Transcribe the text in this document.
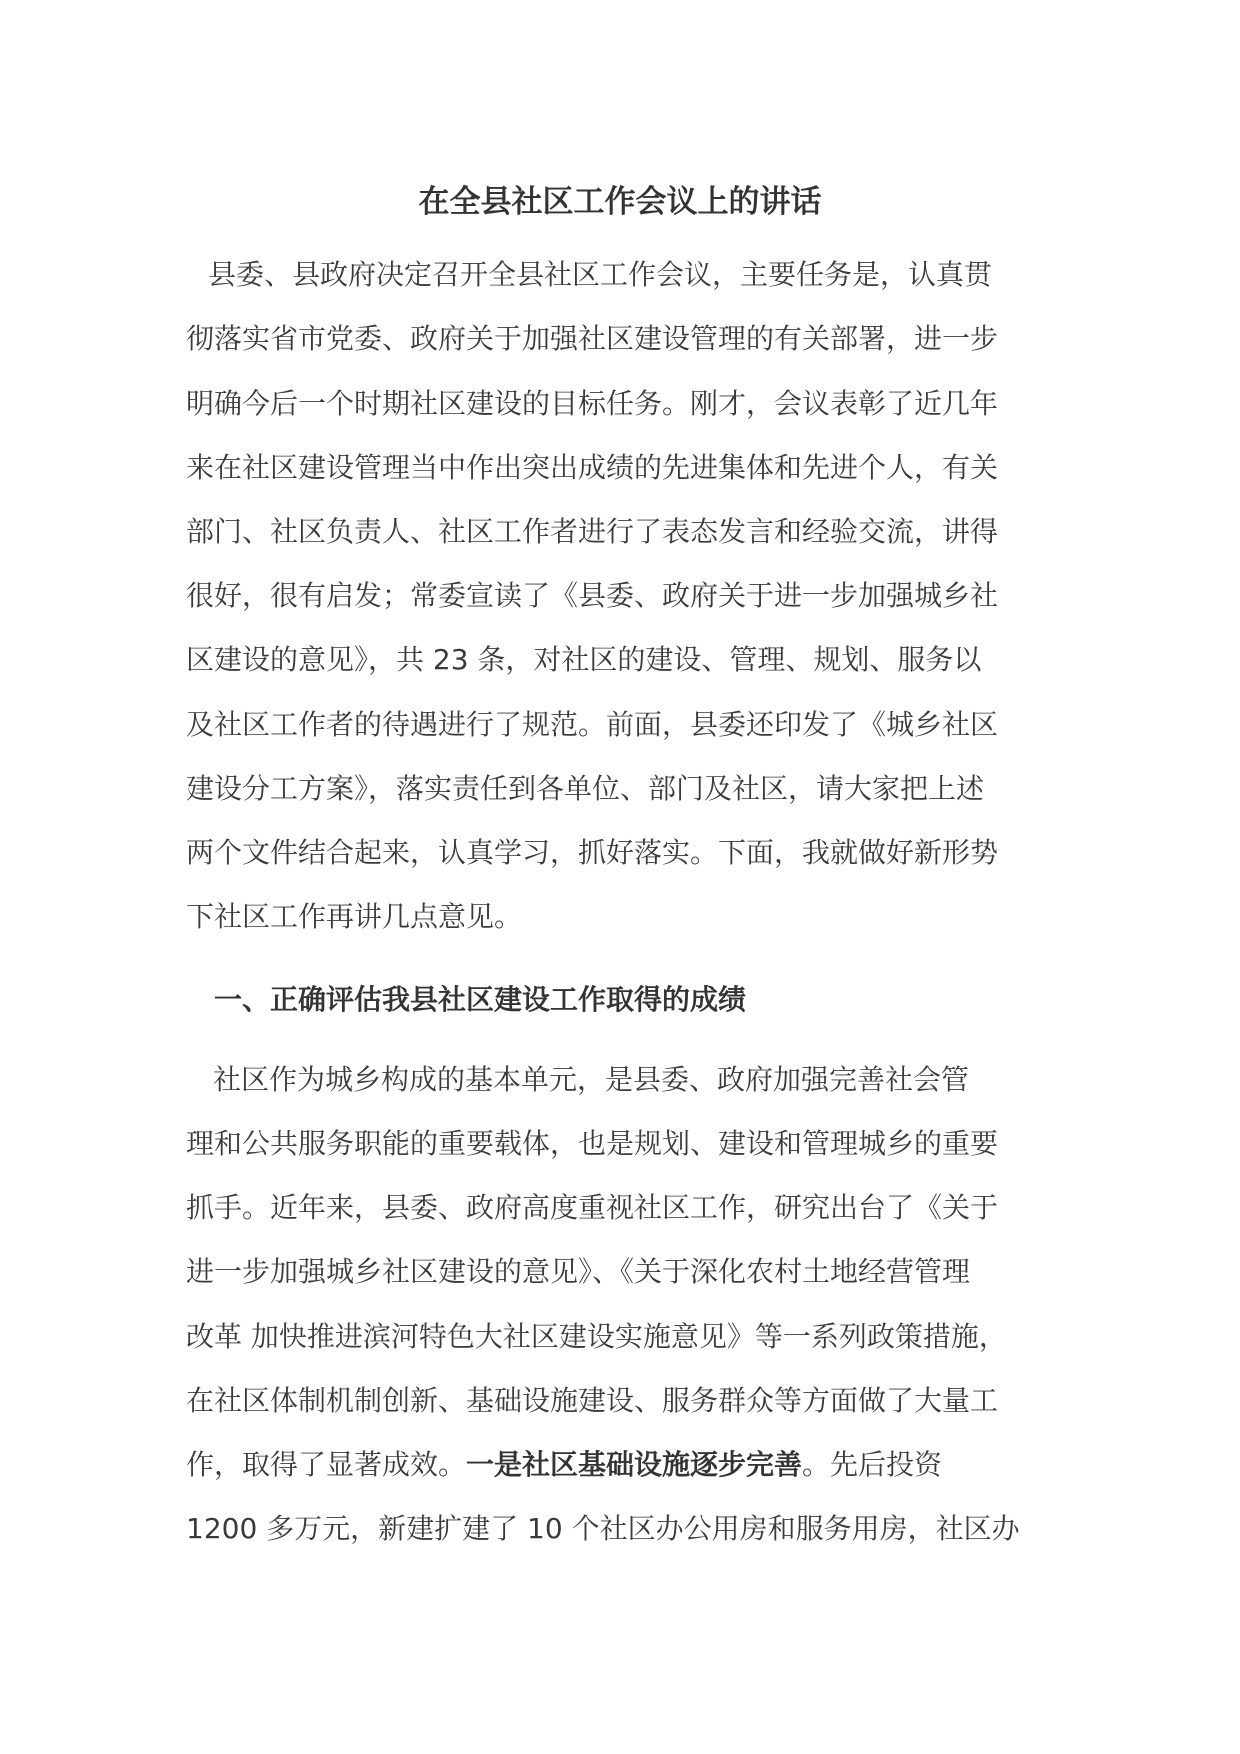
在全县社区工作会议上的讲话
县委、县政府决定召开全县社区工作会议，主要任务是，认真贯
彻落实省市党委、政府关于加强社区建设管理的有关部署，进一步
明确今后一个时期社区建设的目标任务。刚才，会议表彰了近几年
来在社区建设管理当中作出突出成绩的先进集体和先进个人，有关
部门、社区负责人、社区工作者进行了表态发言和经验交流，讲得
很好，很有启发；常委宣读了《县委、政府关于进一步加强城乡社
区建设的意见》，共 23 条，对社区的建设、管理、规划、服务以
及社区工作者的待遇进行了规范。前面，县委还印发了《城乡社区
建设分工方案》，落实责任到各单位、部门及社区，请大家把上述
两个文件结合起来，认真学习，抓好落实。下面，我就做好新形势
下社区工作再讲几点意见。
一、正确评估我县社区建设工作取得的成绩
社区作为城乡构成的基本单元，是县委、政府加强完善社会管
理和公共服务职能的重要载体，也是规划、建设和管理城乡的重要
抓手。近年来，县委、政府高度重视社区工作，研究出台了《关于
进一步加强城乡社区建设的意见》、《关于深化农村土地经营管理
改革 加快推进滨河特色大社区建设实施意见》等一系列政策措施，
在社区体制机制创新、基础设施建设、服务群众等方面做了大量工
作，取得了显著成效。一是社区基础设施逐步完善。先后投资
1200 多万元，新建扩建了 10 个社区办公用房和服务用房，社区办
